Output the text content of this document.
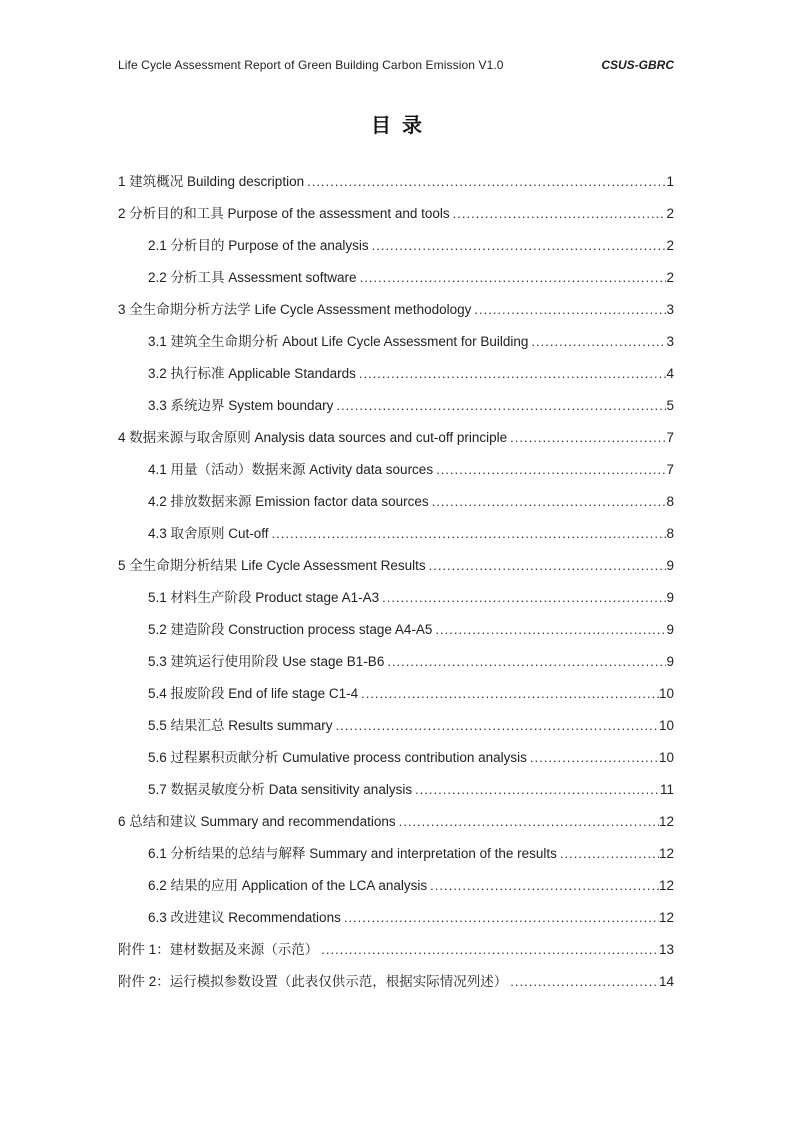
Life Cycle Assessment Report of Green Building Carbon Emission V1.0	CSUS-GBRC
目  录
1 建筑概况 Building description .....	1
2 分析目的和工具 Purpose of the assessment and tools .....	2
2.1 分析目的 Purpose of the analysis .....	2
2.2 分析工具 Assessment software .....	2
3 全生命期分析方法学 Life Cycle Assessment methodology .....	3
3.1 建筑全生命期分析 About Life Cycle Assessment for Building .....	3
3.2 执行标准 Applicable Standards .....	4
3.3 系统边界 System boundary .....	5
4 数据来源与取舍原则 Analysis data sources and cut-off principle .....	7
4.1 用量（活动）数据来源 Activity data sources .....	7
4.2 排放数据来源 Emission factor data sources .....	8
4.3 取舍原则 Cut-off .....	8
5 全生命期分析结果 Life Cycle Assessment Results .....	9
5.1 材料生产阶段 Product stage A1-A3 .....	9
5.2 建造阶段 Construction process stage A4-A5 .....	9
5.3 建筑运行使用阶段 Use stage B1-B6 .....	9
5.4 报废阶段 End of life stage C1-4 .....	10
5.5 结果汇总 Results summary .....	10
5.6 过程累积贡献分析 Cumulative process contribution analysis .....	10
5.7 数据灵敏度分析 Data sensitivity analysis .....	11
6 总结和建议 Summary and recommendations .....	12
6.1 分析结果的总结与解释 Summary and interpretation of the results .....	12
6.2 结果的应用 Application of the LCA analysis .....	12
6.3 改进建议 Recommendations .....	12
附件 1：建材数据及来源（示范） .....	13
附件 2：运行模拟参数设置（此表仅供示范，根据实际情况列述） .....	14
